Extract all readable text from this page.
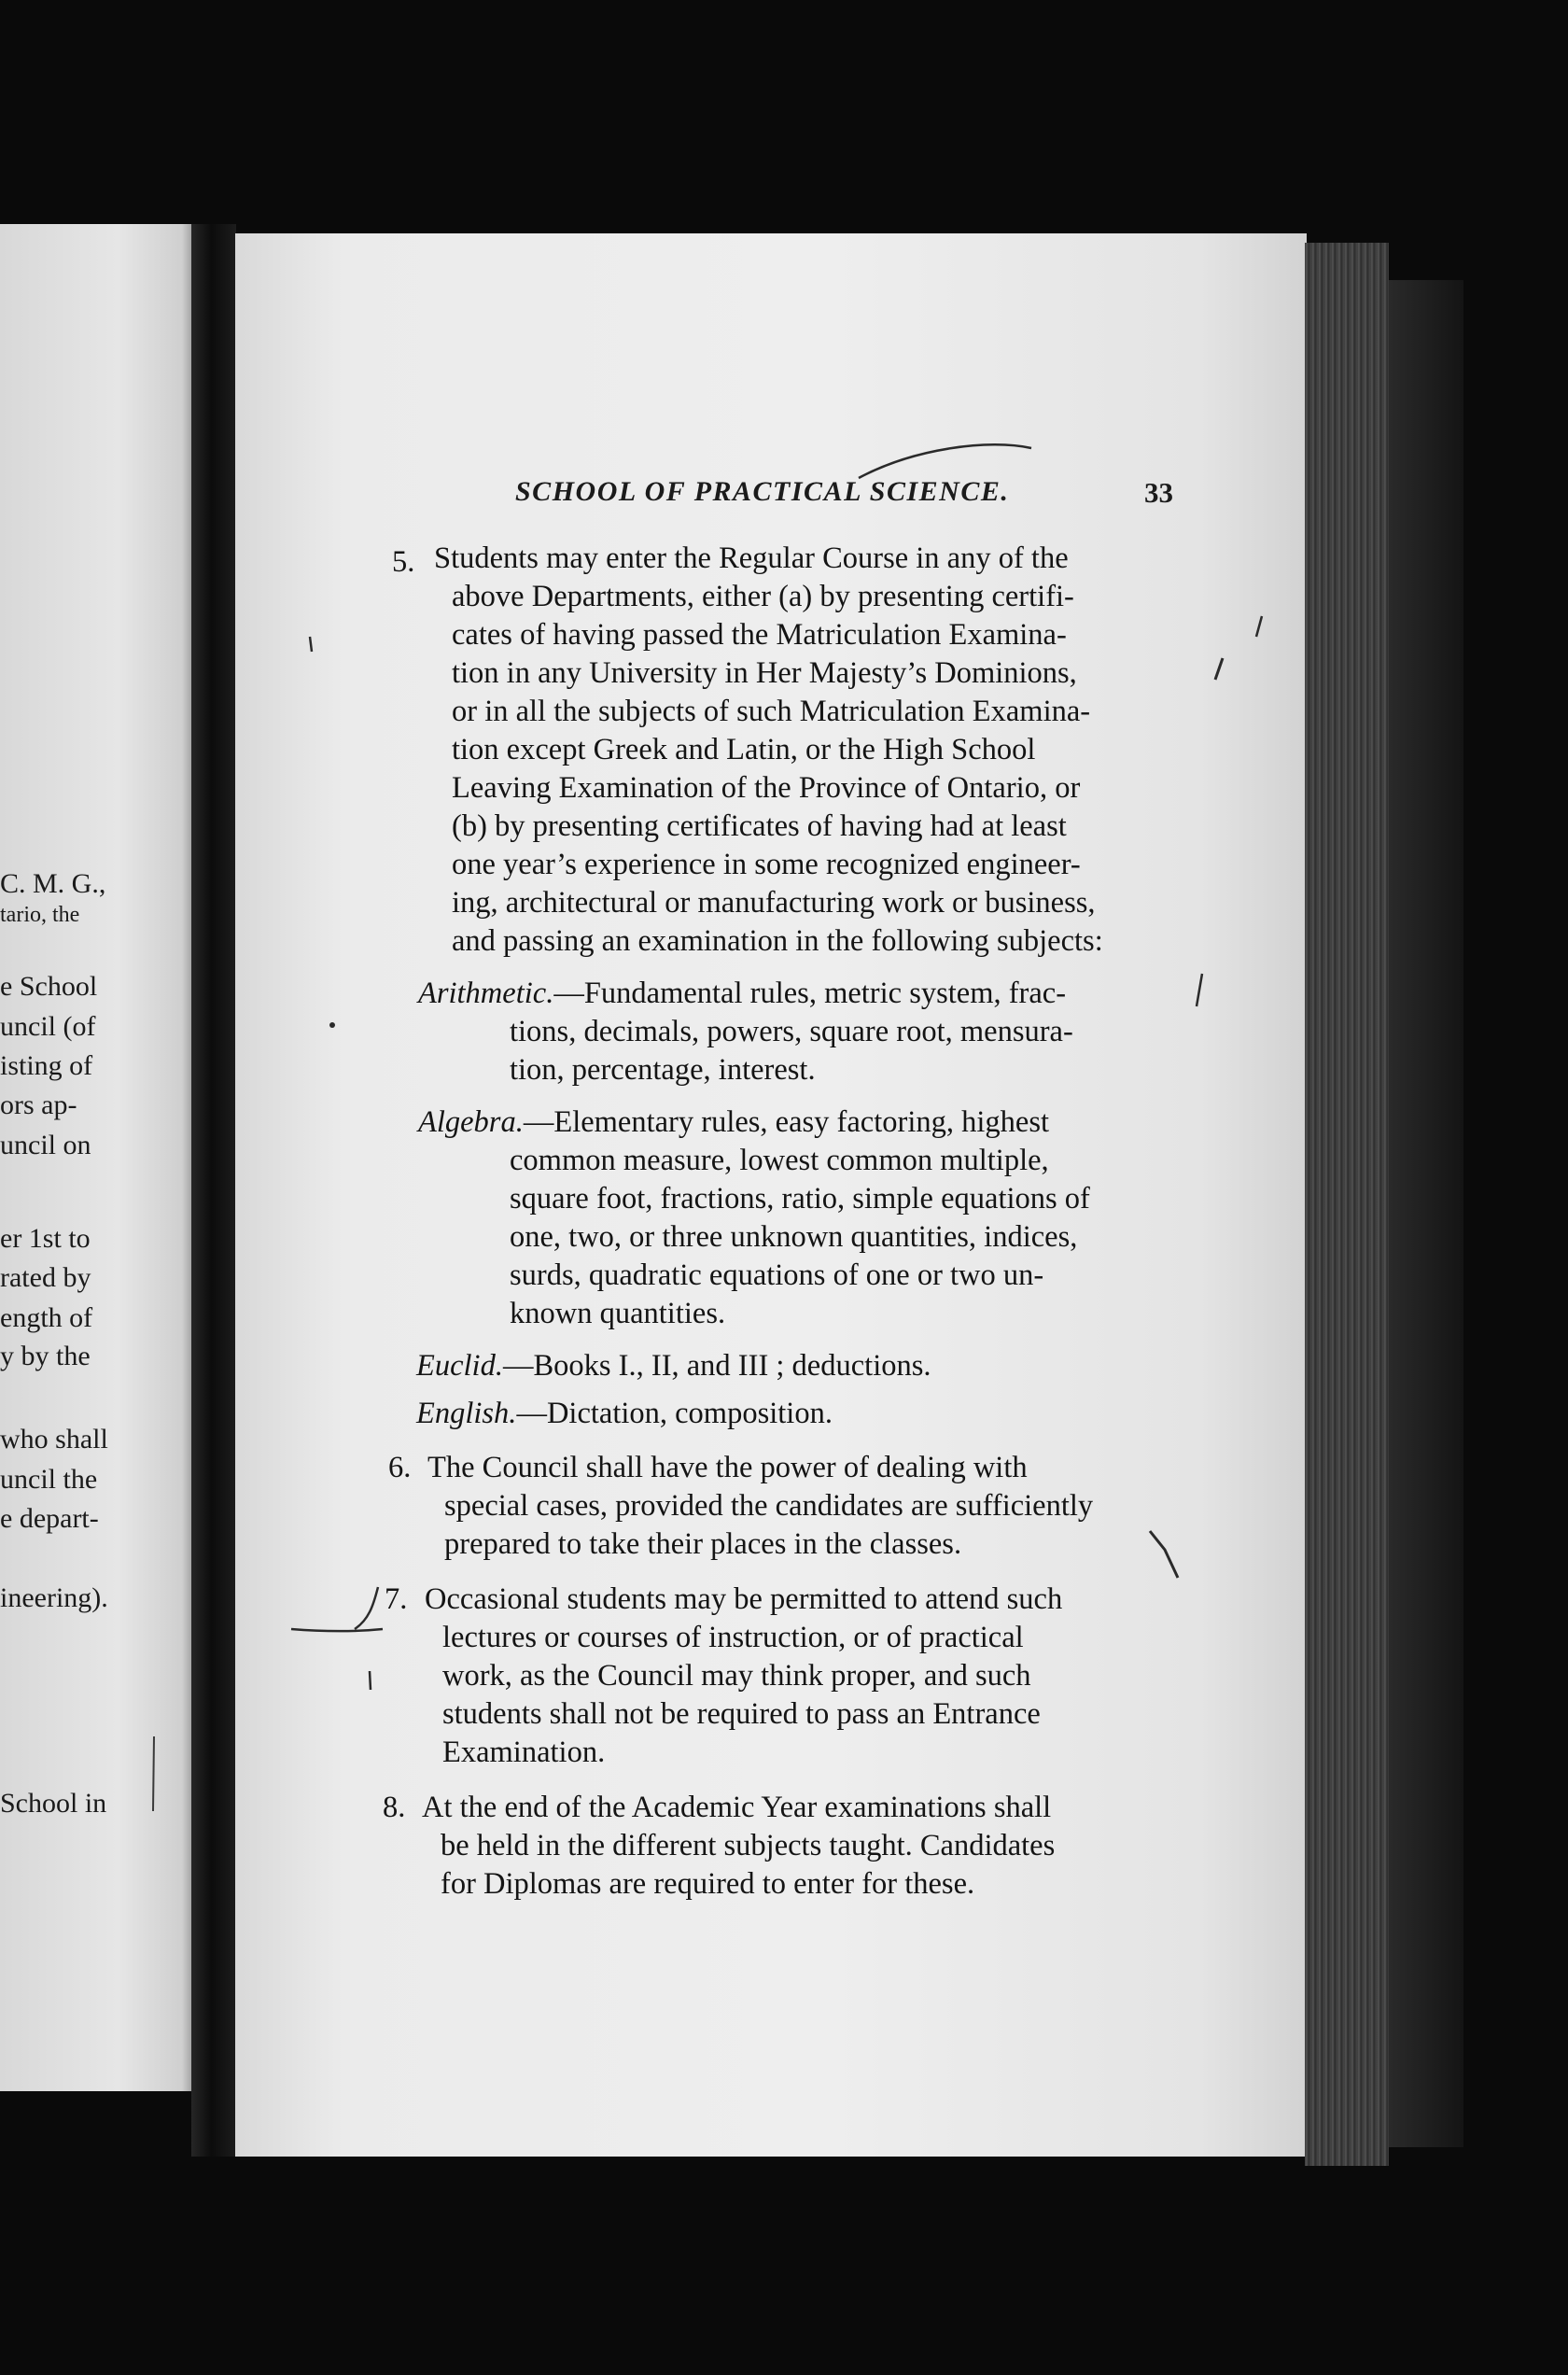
C. M. G.,
tario, the
e School
uncil (of
isting of
ors ap-
uncil on
er 1st to
rated by
ength of
y by the
who shall
uncil the
e depart-
ineering).
School in
SCHOOL OF PRACTICAL SCIENCE.	33
5. Students may enter the Regular Course in any of the
above Departments, either (a) by presenting certifi-
cates of having passed the Matriculation Examina-
tion in any University in Her Majesty’s Dominions,
or in all the subjects of such Matriculation Examina-
tion except Greek and Latin, or the High School
Leaving Examination of the Province of Ontario, or
(b) by presenting certificates of having had at least
one year’s experience in some recognized engineer-
ing, architectural or manufacturing work or business,
and passing an examination in the following subjects:
Arithmetic.—Fundamental rules, metric system, frac-
tions, decimals, powers, square root, mensura-
tion, percentage, interest.
Algebra.—Elementary rules, easy factoring, highest
common measure, lowest common multiple,
square foot, fractions, ratio, simple equations of
one, two, or three unknown quantities, indices,
surds, quadratic equations of one or two un-
known quantities.
Euclid.—Books I., II, and III ; deductions.
English.—Dictation, composition.
6. The Council shall have the power of dealing with
special cases, provided the candidates are sufficiently
prepared to take their places in the classes.
7. Occasional students may be permitted to attend such
lectures or courses of instruction, or of practical
work, as the Council may think proper, and such
students shall not be required to pass an Entrance
Examination.
8. At the end of the Academic Year examinations shall
be held in the different subjects taught. Candidates
for Diplomas are required to enter for these.
